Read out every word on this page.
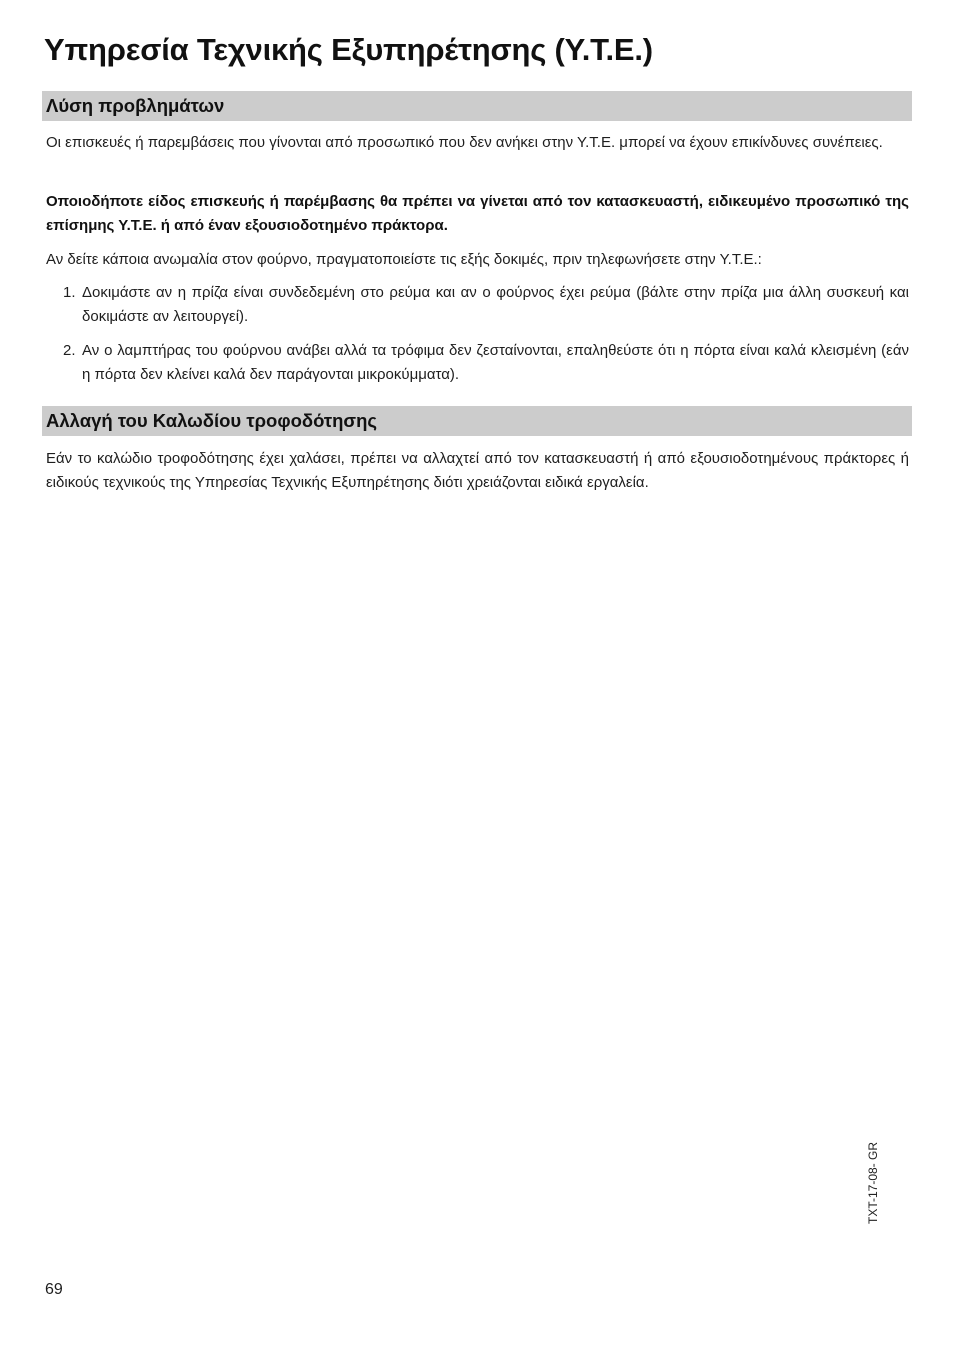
Υπηρεσία Τεχνικής Εξυπηρέτησης (Υ.Τ.Ε.)
Λύση προβλημάτων

Οι επισκευές ή παρεμβάσεις που γίνονται από προσωπικό που δεν ανήκει στην Υ.Τ.Ε. μπορεί να έχουν επικίνδυνες συνέπειες.

Οποιοδήποτε είδος επισκευής ή παρέμβασης θα πρέπει να γίνεται από τον κατασκευαστή, ειδικευμένο προσωπικό της επίσημης Υ.Τ.Ε. ή από έναν εξουσιοδοτημένο πράκτορα.

Αν δείτε κάποια ανωμαλία στον φούρνο, πραγματοποιείστε τις εξής δοκιμές, πριν τηλεφωνήσετε στην Υ.Τ.Ε.:

1. Δοκιμάστε αν η πρίζα είναι συνδεδεμένη στο ρεύμα και αν ο φούρνος έχει ρεύμα (βάλτε στην πρίζα μια άλλη συσκευή και δοκιμάστε αν λειτουργεί).

2. Αν ο λαμπτήρας του φούρνου ανάβει αλλά τα τρόφιμα δεν ζεσταίνονται, επαληθεύστε ότι η πόρτα είναι καλά κλεισμένη (εάν η πόρτα δεν κλείνει καλά δεν παράγονται μικροκύμματα).

Αλλαγή του Καλωδίου τροφοδότησης

Εάν το καλώδιο τροφοδότησης έχει χαλάσει, πρέπει να αλλαχτεί από τον κατασκευαστή ή από εξουσιοδοτημένους πράκτορες ή ειδικούς τεχνικούς της Υπηρεσίας Τεχνικής Εξυπηρέτησης διότι χρειάζονται ειδικά εργαλεία.

TXT-17-08- GR
69
